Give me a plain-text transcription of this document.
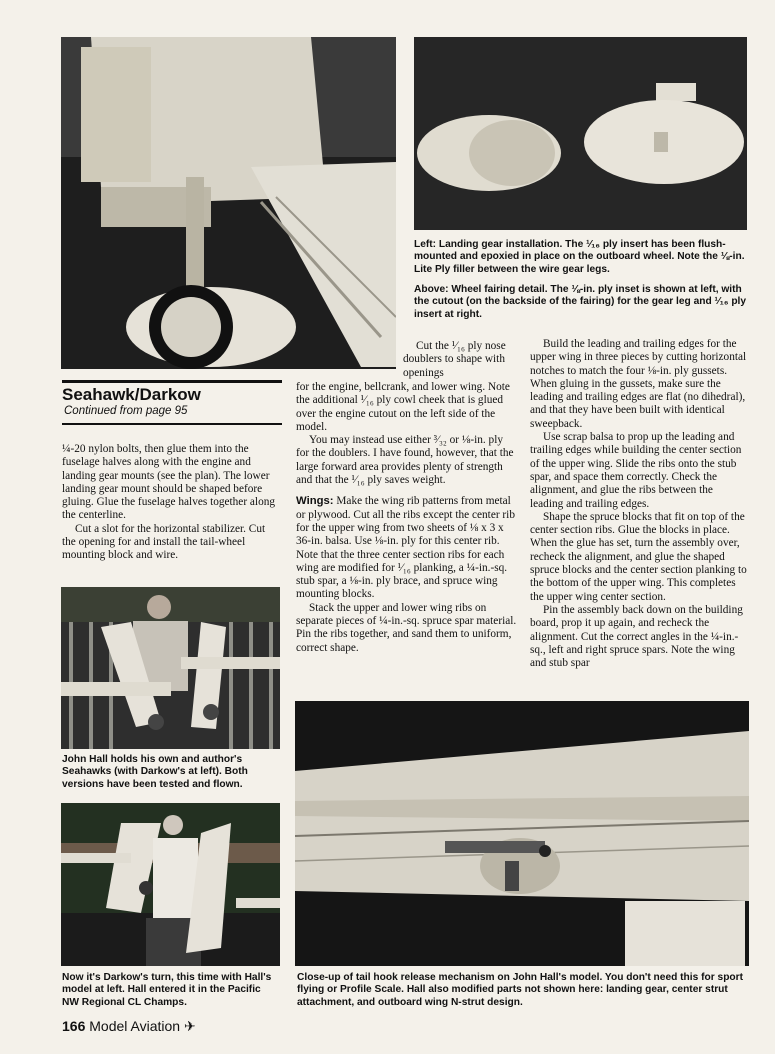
Left: Landing gear installation. The ¹⁄₁₆ ply insert has been flush-mounted and epoxied in place on the outboard wheel. Note the ⅛-in. Lite Ply filler between the wire gear legs.

Above: Wheel fairing detail. The ⅛-in. ply inset is shown at left, with the cutout (on the backside of the fairing) for the gear leg and ¹⁄₁₆ ply insert at right.

John Hall holds his own and author's Seahawks (with Darkow's at left). Both versions have been tested and flown.

Now it's Darkow's turn, this time with Hall's model at left. Hall entered it in the Pacific NW Regional CL Champs.

Close-up of tail hook release mechanism on John Hall's model. You don't need this for sport flying or Profile Scale. Hall also modified parts not shown here: landing gear, center strut attachment, and outboard wing N-strut design.

Seahawk/Darkow

Continued from page 95

¼-20 nylon bolts, then glue them into the fuselage halves along with the engine and landing gear mounts (see the plan). The lower landing gear mount should be shaped before gluing. Glue the fuselage halves together along the centerline.

Cut a slot for the horizontal stabilizer. Cut the opening for and install the tail-wheel mounting block and wire.

Cut the ¹⁄₁₆ ply nose doublers to shape with openings

for the engine, bellcrank, and lower wing. Note the additional ¹⁄₁₆ ply cowl cheek that is glued over the engine cutout on the left side of the model.

You may instead use either ³⁄₃₂ or ⅛-in. ply for the doublers. I have found, however, that the large forward area provides plenty of strength and that the ¹⁄₁₆ ply saves weight.

Wings: Make the wing rib patterns from metal or plywood. Cut all the ribs except the center rib for the upper wing from two sheets of ⅛ x 3 x 36-in. balsa. Use ⅛-in. ply for this center rib. Note that the three center section ribs for each wing are modified for ¹⁄₁₆ planking, a ¼-in.-sq. stub spar, a ⅛-in. ply brace, and spruce wing mounting blocks.

Stack the upper and lower wing ribs on separate pieces of ¼-in.-sq. spruce spar material. Pin the ribs together, and sand them to uniform, correct shape.

Build the leading and trailing edges for the upper wing in three pieces by cutting horizontal notches to match the four ⅛-in. ply gussets. When gluing in the gussets, make sure the leading and trailing edges are flat (no dihedral), and that they have been built with identical sweepback.

Use scrap balsa to prop up the leading and trailing edges while building the center section of the upper wing. Slide the ribs onto the stub spar, and space them correctly. Check the alignment, and glue the ribs between the leading and trailing edges.

Shape the spruce blocks that fit on top of the center section ribs. Glue the blocks in place. When the glue has set, turn the assembly over, recheck the alignment, and glue the shaped spruce blocks and the center section planking to the bottom of the upper wing. This completes the upper wing center section.

Pin the assembly back down on the building board, prop it up again, and recheck the alignment. Cut the correct angles in the ¼-in.-sq., left and right spruce spars. Note the wing and stub spar

166 Model Aviation ✈
